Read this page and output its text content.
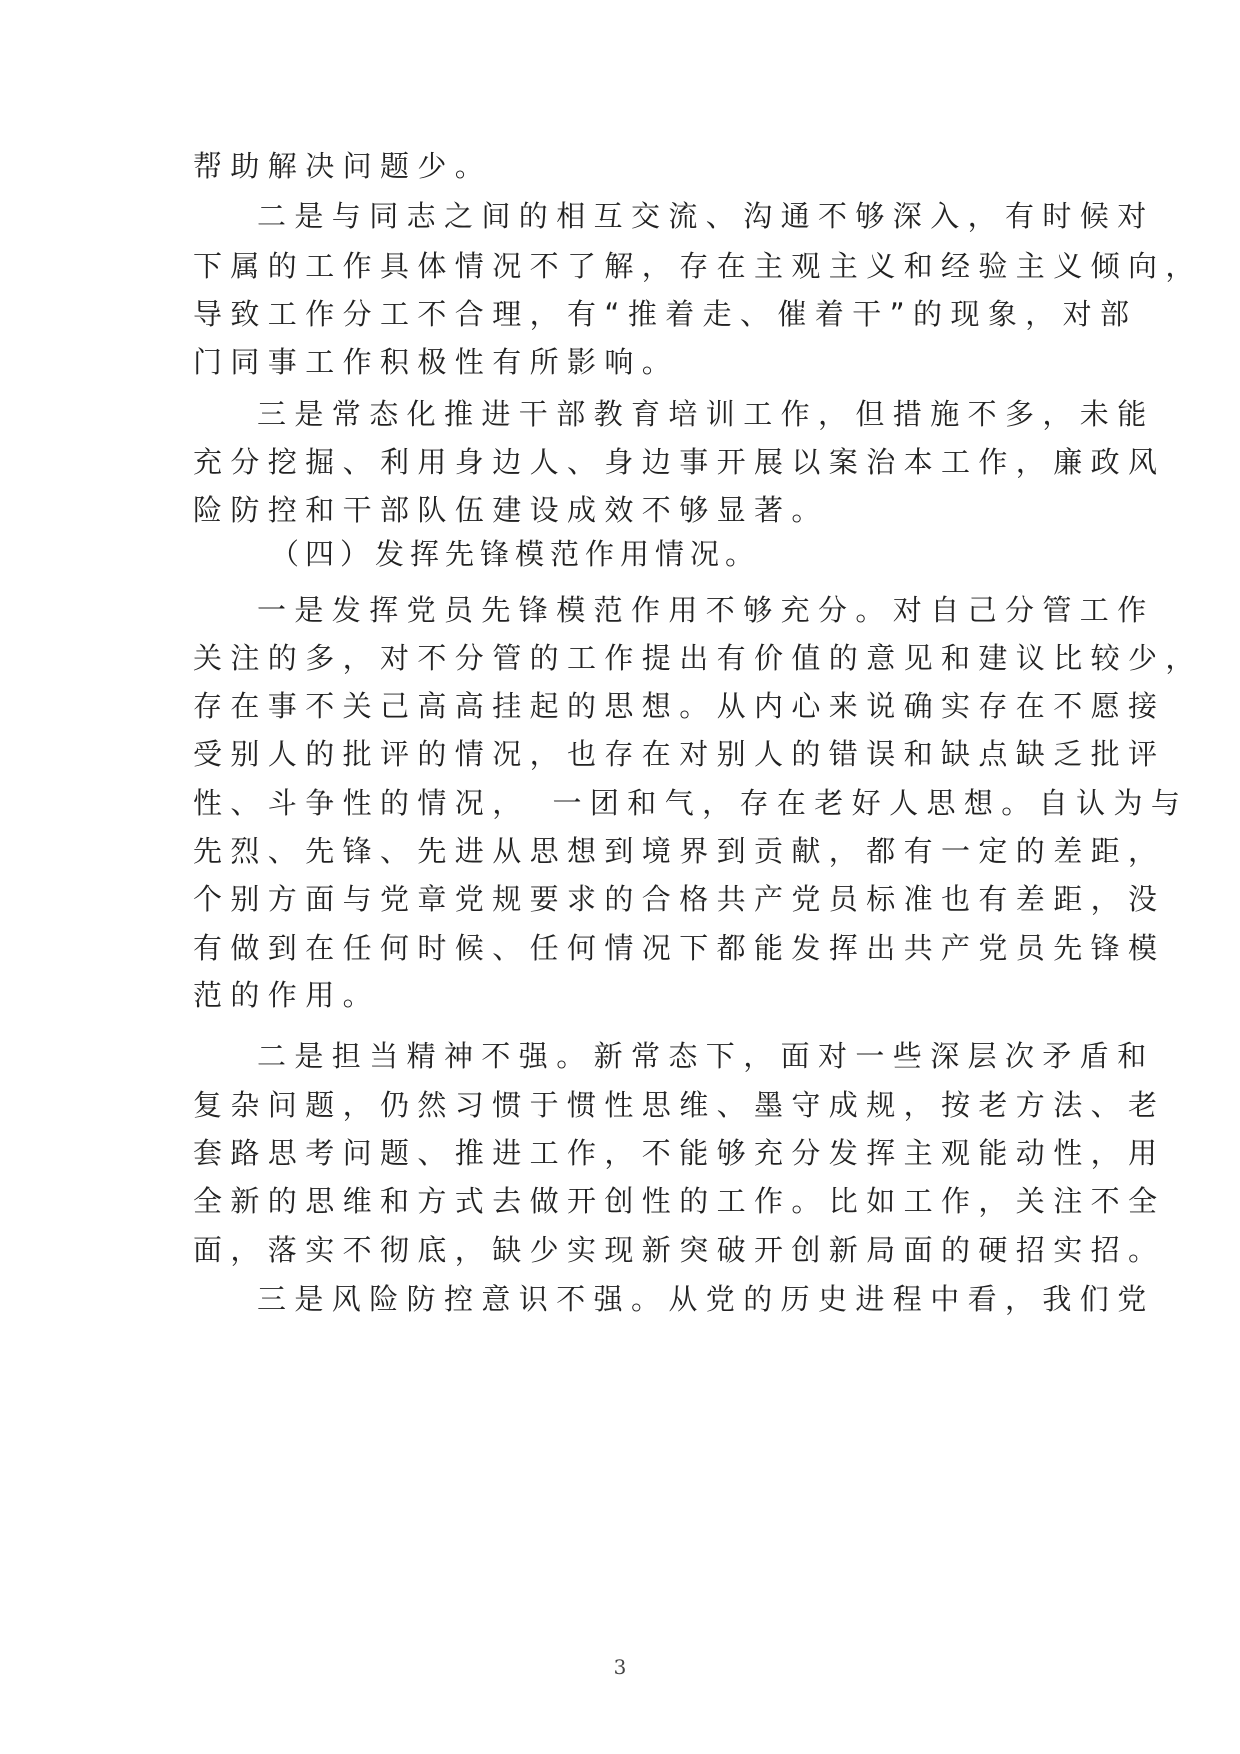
帮助解决问题少。
二是与同志之间的相互交流、沟通不够深入，有时候对
下属的工作具体情况不了解，存在主观主义和经验主义倾向，
导致工作分工不合理，有“推着走、催着干”的现象，对部
门同事工作积极性有所影响。
三是常态化推进干部教育培训工作，但措施不多，未能
充分挖掘、利用身边人、身边事开展以案治本工作，廉政风
险防控和干部队伍建设成效不够显著。
（四）发挥先锋模范作用情况。
一是发挥党员先锋模范作用不够充分。对自己分管工作
关注的多，对不分管的工作提出有价值的意见和建议比较少，
存在事不关己高高挂起的思想。从内心来说确实存在不愿接
受别人的批评的情况，也存在对别人的错误和缺点缺乏批评
性、斗争性的情况，　一团和气，存在老好人思想。自认为与
先烈、先锋、先进从思想到境界到贡献，都有一定的差距，
个别方面与党章党规要求的合格共产党员标准也有差距，没
有做到在任何时候、任何情况下都能发挥出共产党员先锋模
范的作用。
二是担当精神不强。新常态下，面对一些深层次矛盾和
复杂问题，仍然习惯于惯性思维、墨守成规，按老方法、老
套路思考问题、推进工作，不能够充分发挥主观能动性，用
全新的思维和方式去做开创性的工作。比如工作，关注不全
面，落实不彻底，缺少实现新突破开创新局面的硬招实招。
三是风险防控意识不强。从党的历史进程中看，我们党
3
